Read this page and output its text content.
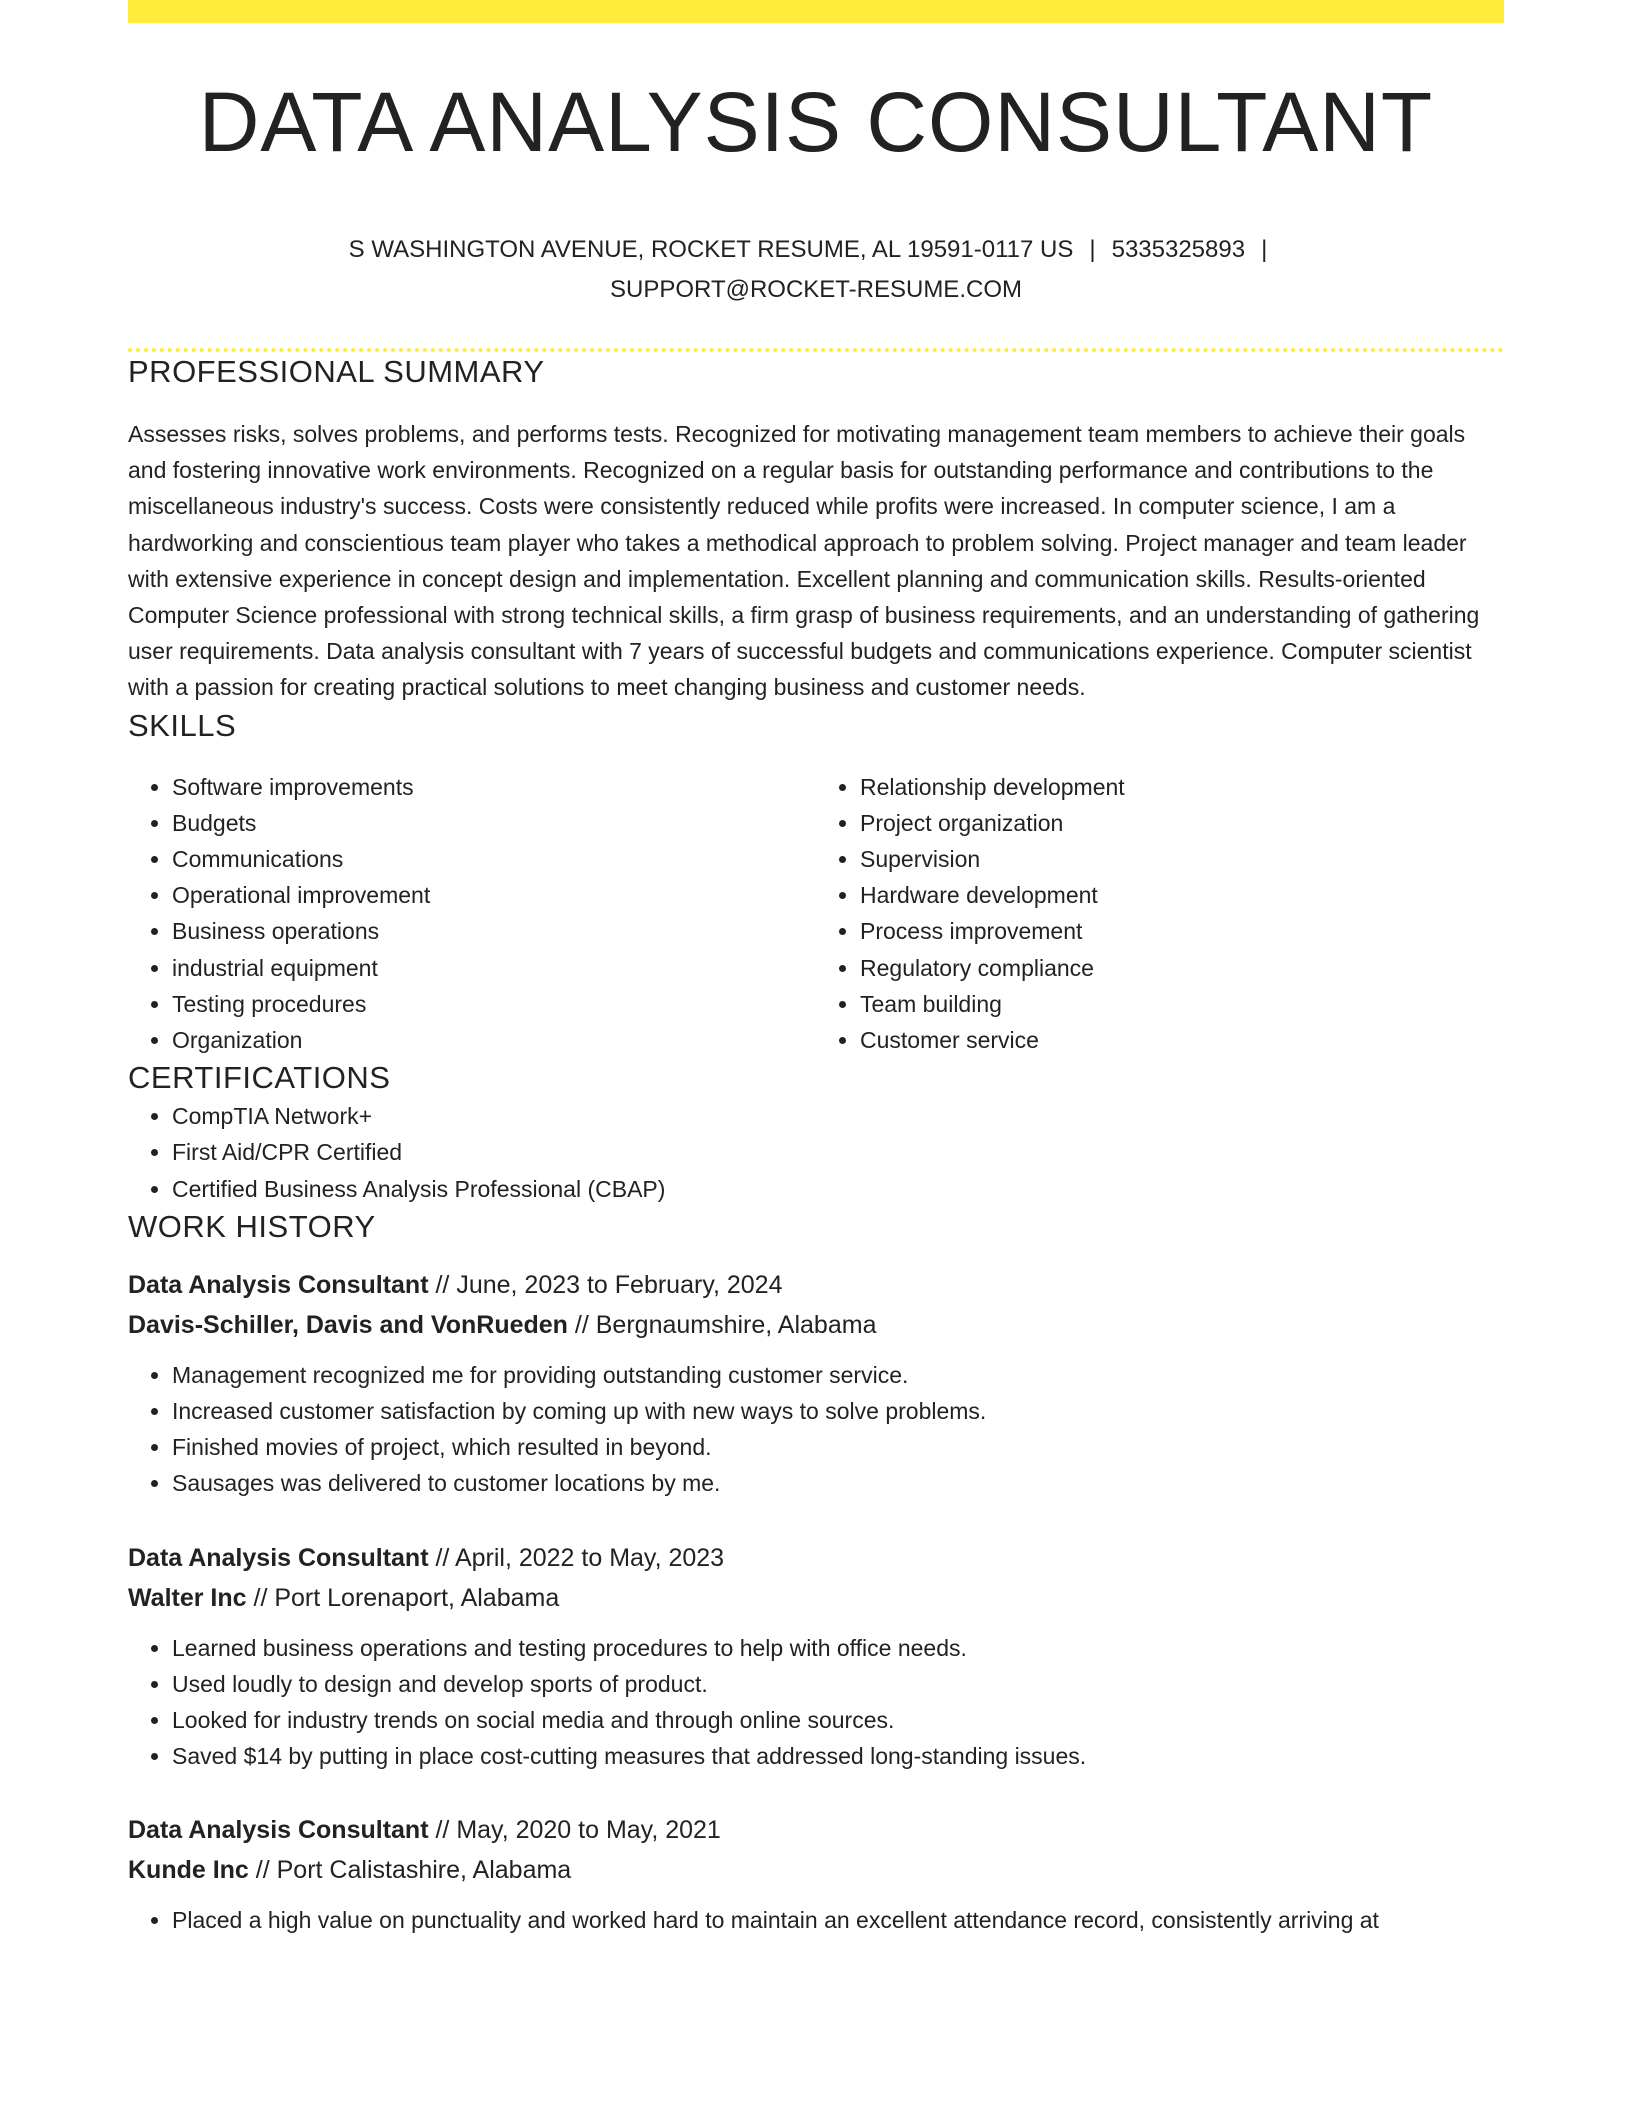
DATA ANALYSIS CONSULTANT
S WASHINGTON AVENUE, ROCKET RESUME, AL 19591-0117 US | 5335325893 |
SUPPORT@ROCKET-RESUME.COM
PROFESSIONAL SUMMARY

Assesses risks, solves problems, and performs tests. Recognized for motivating management team members to achieve their goals and fostering innovative work environments. Recognized on a regular basis for outstanding performance and contributions to the miscellaneous industry's success. Costs were consistently reduced while profits were increased. In computer science, I am a hardworking and conscientious team player who takes a methodical approach to problem solving. Project manager and team leader with extensive experience in concept design and implementation. Excellent planning and communication skills. Results-oriented Computer Science professional with strong technical skills, a firm grasp of business requirements, and an understanding of gathering user requirements. Data analysis consultant with 7 years of successful budgets and communications experience. Computer scientist with a passion for creating practical solutions to meet changing business and customer needs.

SKILLS
• Software improvements
• Budgets
• Communications
• Operational improvement
• Business operations
• industrial equipment
• Testing procedures
• Organization
• Relationship development
• Project organization
• Supervision
• Hardware development
• Process improvement
• Regulatory compliance
• Team building
• Customer service
CERTIFICATIONS
• CompTIA Network+
• First Aid/CPR Certified
• Certified Business Analysis Professional (CBAP)
WORK HISTORY
Data Analysis Consultant // June, 2023 to February, 2024
Davis-Schiller, Davis and VonRueden // Bergnaumshire, Alabama
• Management recognized me for providing outstanding customer service.
• Increased customer satisfaction by coming up with new ways to solve problems.
• Finished movies of project, which resulted in beyond.
• Sausages was delivered to customer locations by me.
Data Analysis Consultant // April, 2022 to May, 2023
Walter Inc // Port Lorenaport, Alabama
• Learned business operations and testing procedures to help with office needs.
• Used loudly to design and develop sports of product.
• Looked for industry trends on social media and through online sources.
• Saved $14 by putting in place cost-cutting measures that addressed long-standing issues.
Data Analysis Consultant // May, 2020 to May, 2021
Kunde Inc // Port Calistashire, Alabama
• Placed a high value on punctuality and worked hard to maintain an excellent attendance record, consistently arriving at
